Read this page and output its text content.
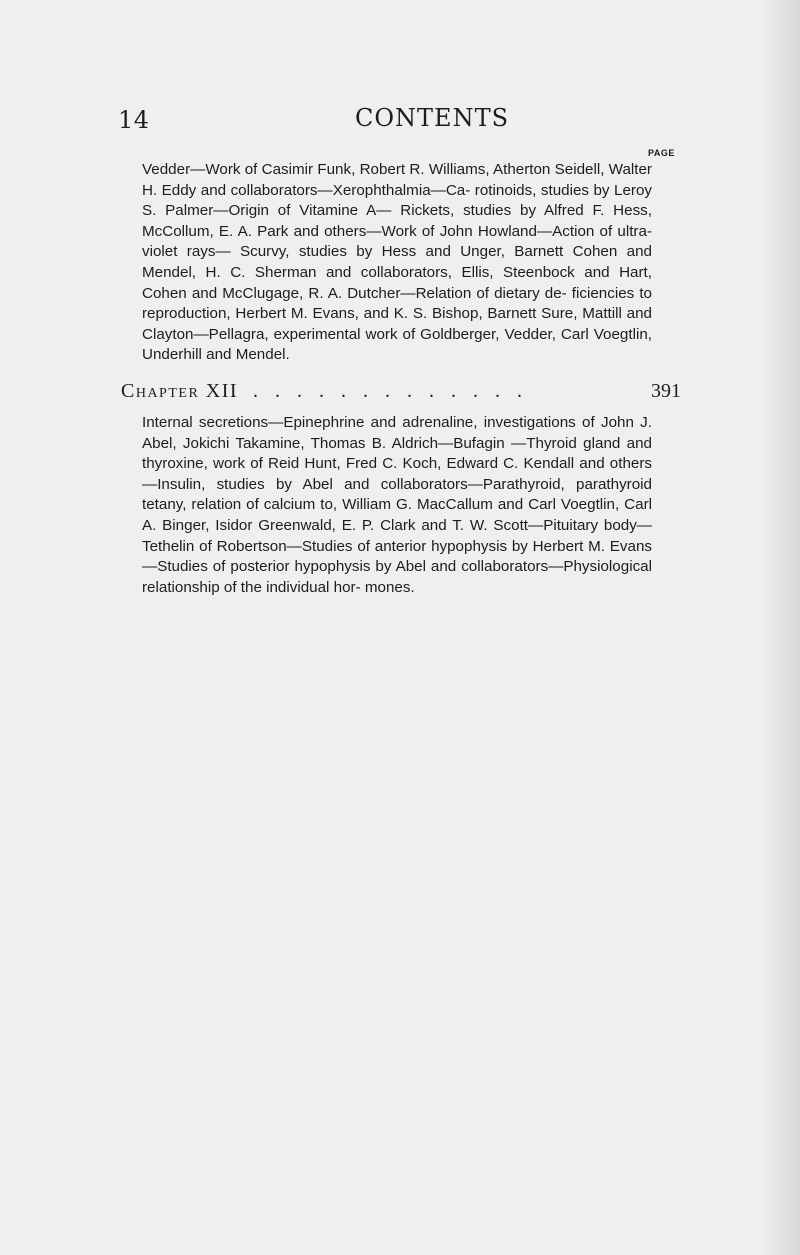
14	CONTENTS
PAGE
Vedder—Work of Casimir Funk, Robert R. Williams, Atherton Seidell, Walter H. Eddy and collaborators—Xerophthalmia—Ca- rotinoids, studies by Leroy S. Palmer—Origin of Vitamine A— Rickets, studies by Alfred F. Hess, McCollum, E. A. Park and others—Work of John Howland—Action of ultra-violet rays— Scurvy, studies by Hess and Unger, Barnett Cohen and Mendel, H. C. Sherman and collaborators, Ellis, Steenbock and Hart, Cohen and McClugage, R. A. Dutcher—Relation of dietary de- ficiencies to reproduction, Herbert M. Evans, and K. S. Bishop, Barnett Sure, Mattill and Clayton—Pellagra, experimental work of Goldberger, Vedder, Carl Voegtlin, Underhill and Mendel.
Chapter XII
. . . . . . . . . . . . . .	391
Internal secretions—Epinephrine and adrenaline, investigations of John J. Abel, Jokichi Takamine, Thomas B. Aldrich—Bufagin —Thyroid gland and thyroxine, work of Reid Hunt, Fred C. Koch, Edward C. Kendall and others—Insulin, studies by Abel and collaborators—Parathyroid, parathyroid tetany, relation of calcium to, William G. MacCallum and Carl Voegtlin, Carl A. Binger, Isidor Greenwald, E. P. Clark and T. W. Scott—Pituitary body—Tethelin of Robertson—Studies of anterior hypophysis by Herbert M. Evans—Studies of posterior hypophysis by Abel and collaborators—Physiological relationship of the individual hor- mones.
